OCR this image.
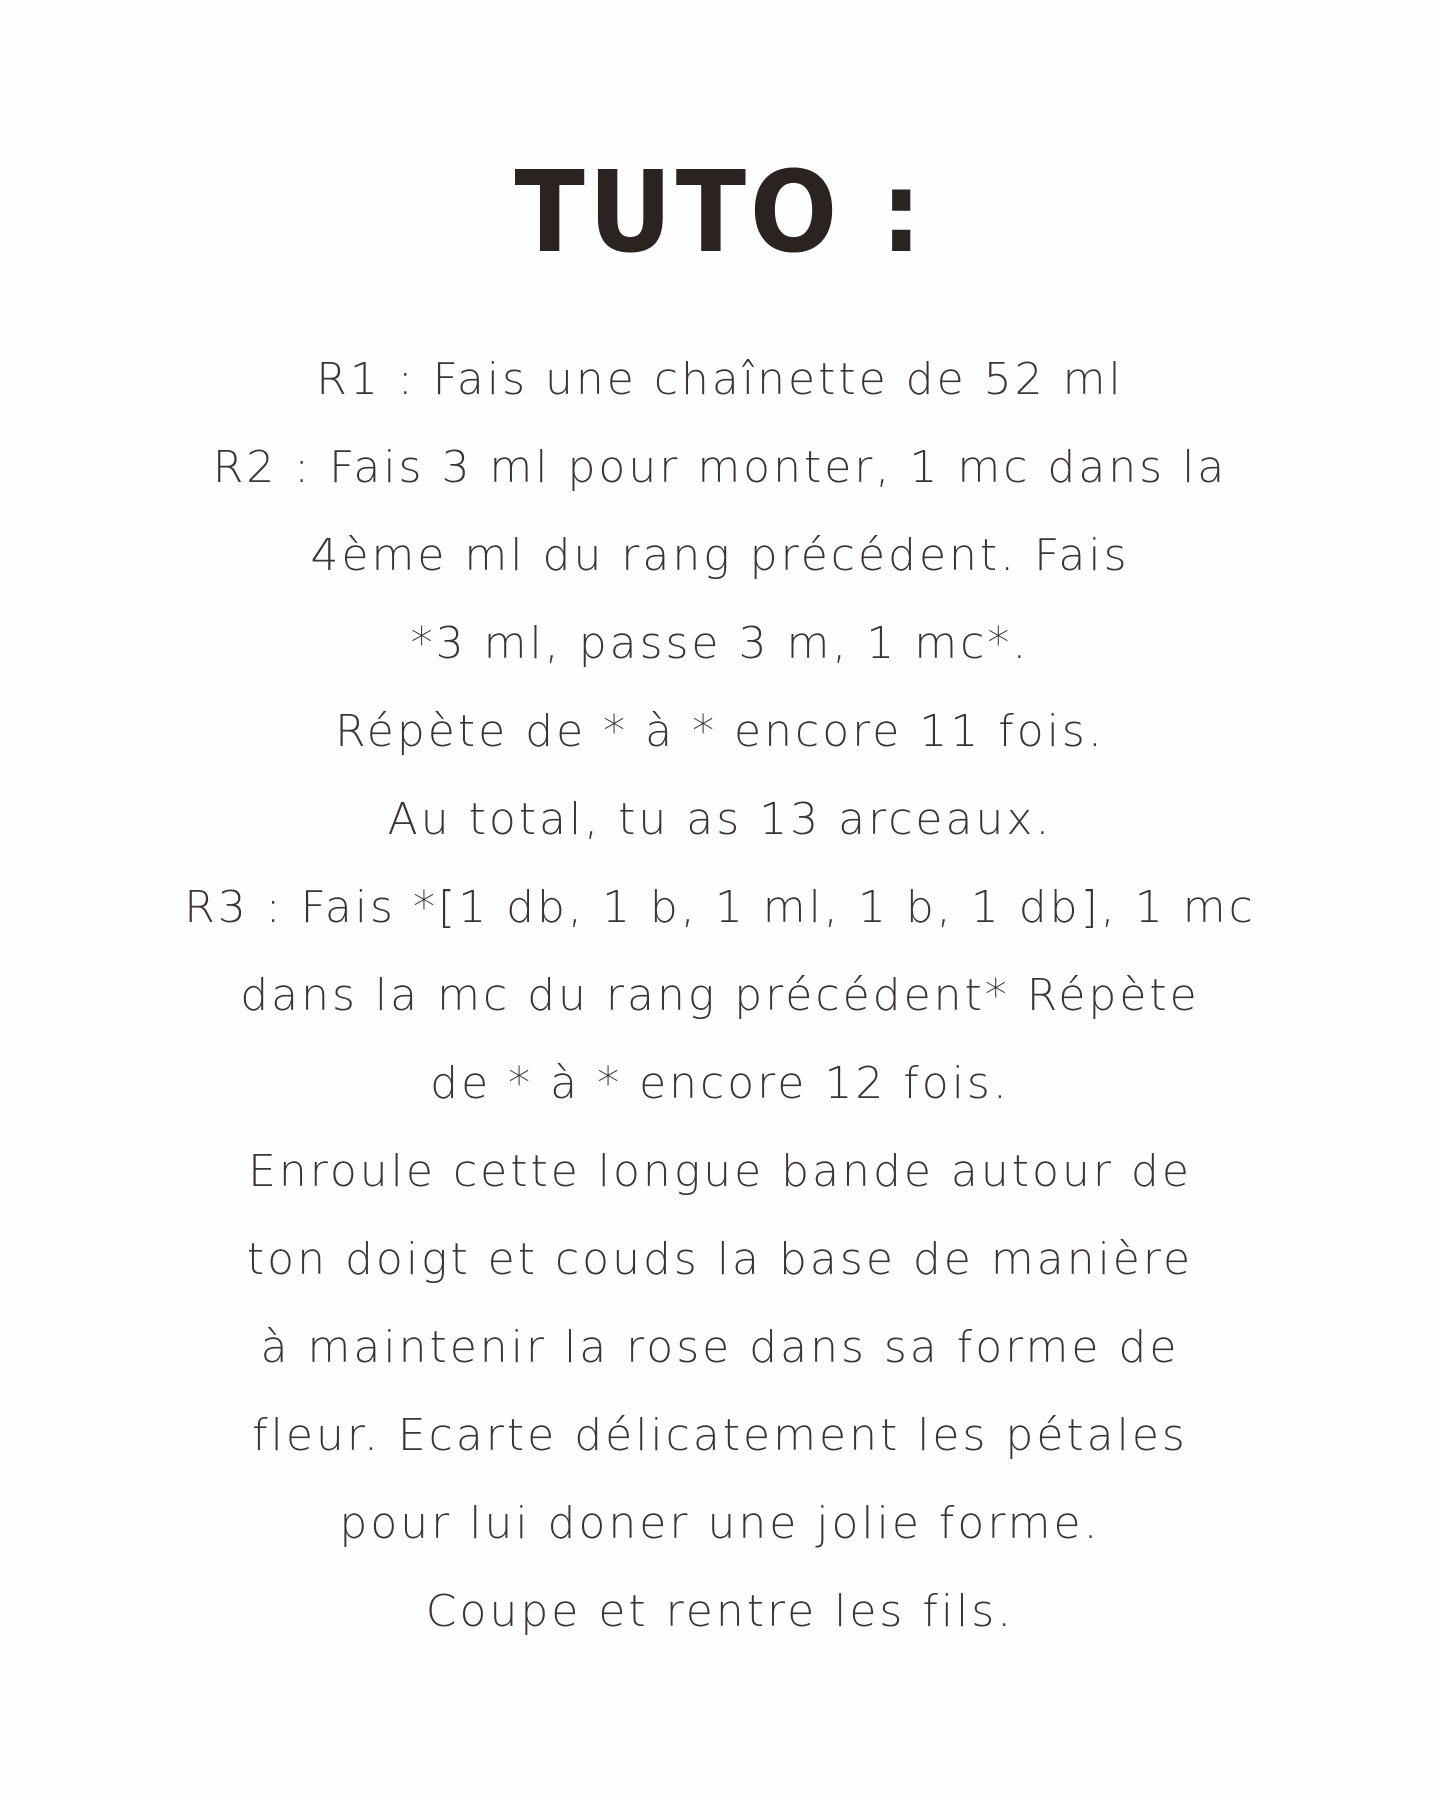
TUTO :
R1 : Fais une chaînette de 52 ml
R2 : Fais 3 ml pour monter, 1 mc dans la
4ème ml du rang précédent. Fais
*3 ml, passe 3 m, 1 mc*.
Répète de * à * encore 11 fois.
Au total, tu as 13 arceaux.
R3 : Fais *[1 db, 1 b, 1 ml, 1 b, 1 db], 1 mc
dans la mc du rang précédent* Répète
de * à * encore 12 fois.
Enroule cette longue bande autour de
ton doigt et couds la base de manière
à maintenir la rose dans sa forme de
fleur. Ecarte délicatement les pétales
pour lui doner une jolie forme.
Coupe et rentre les fils.
